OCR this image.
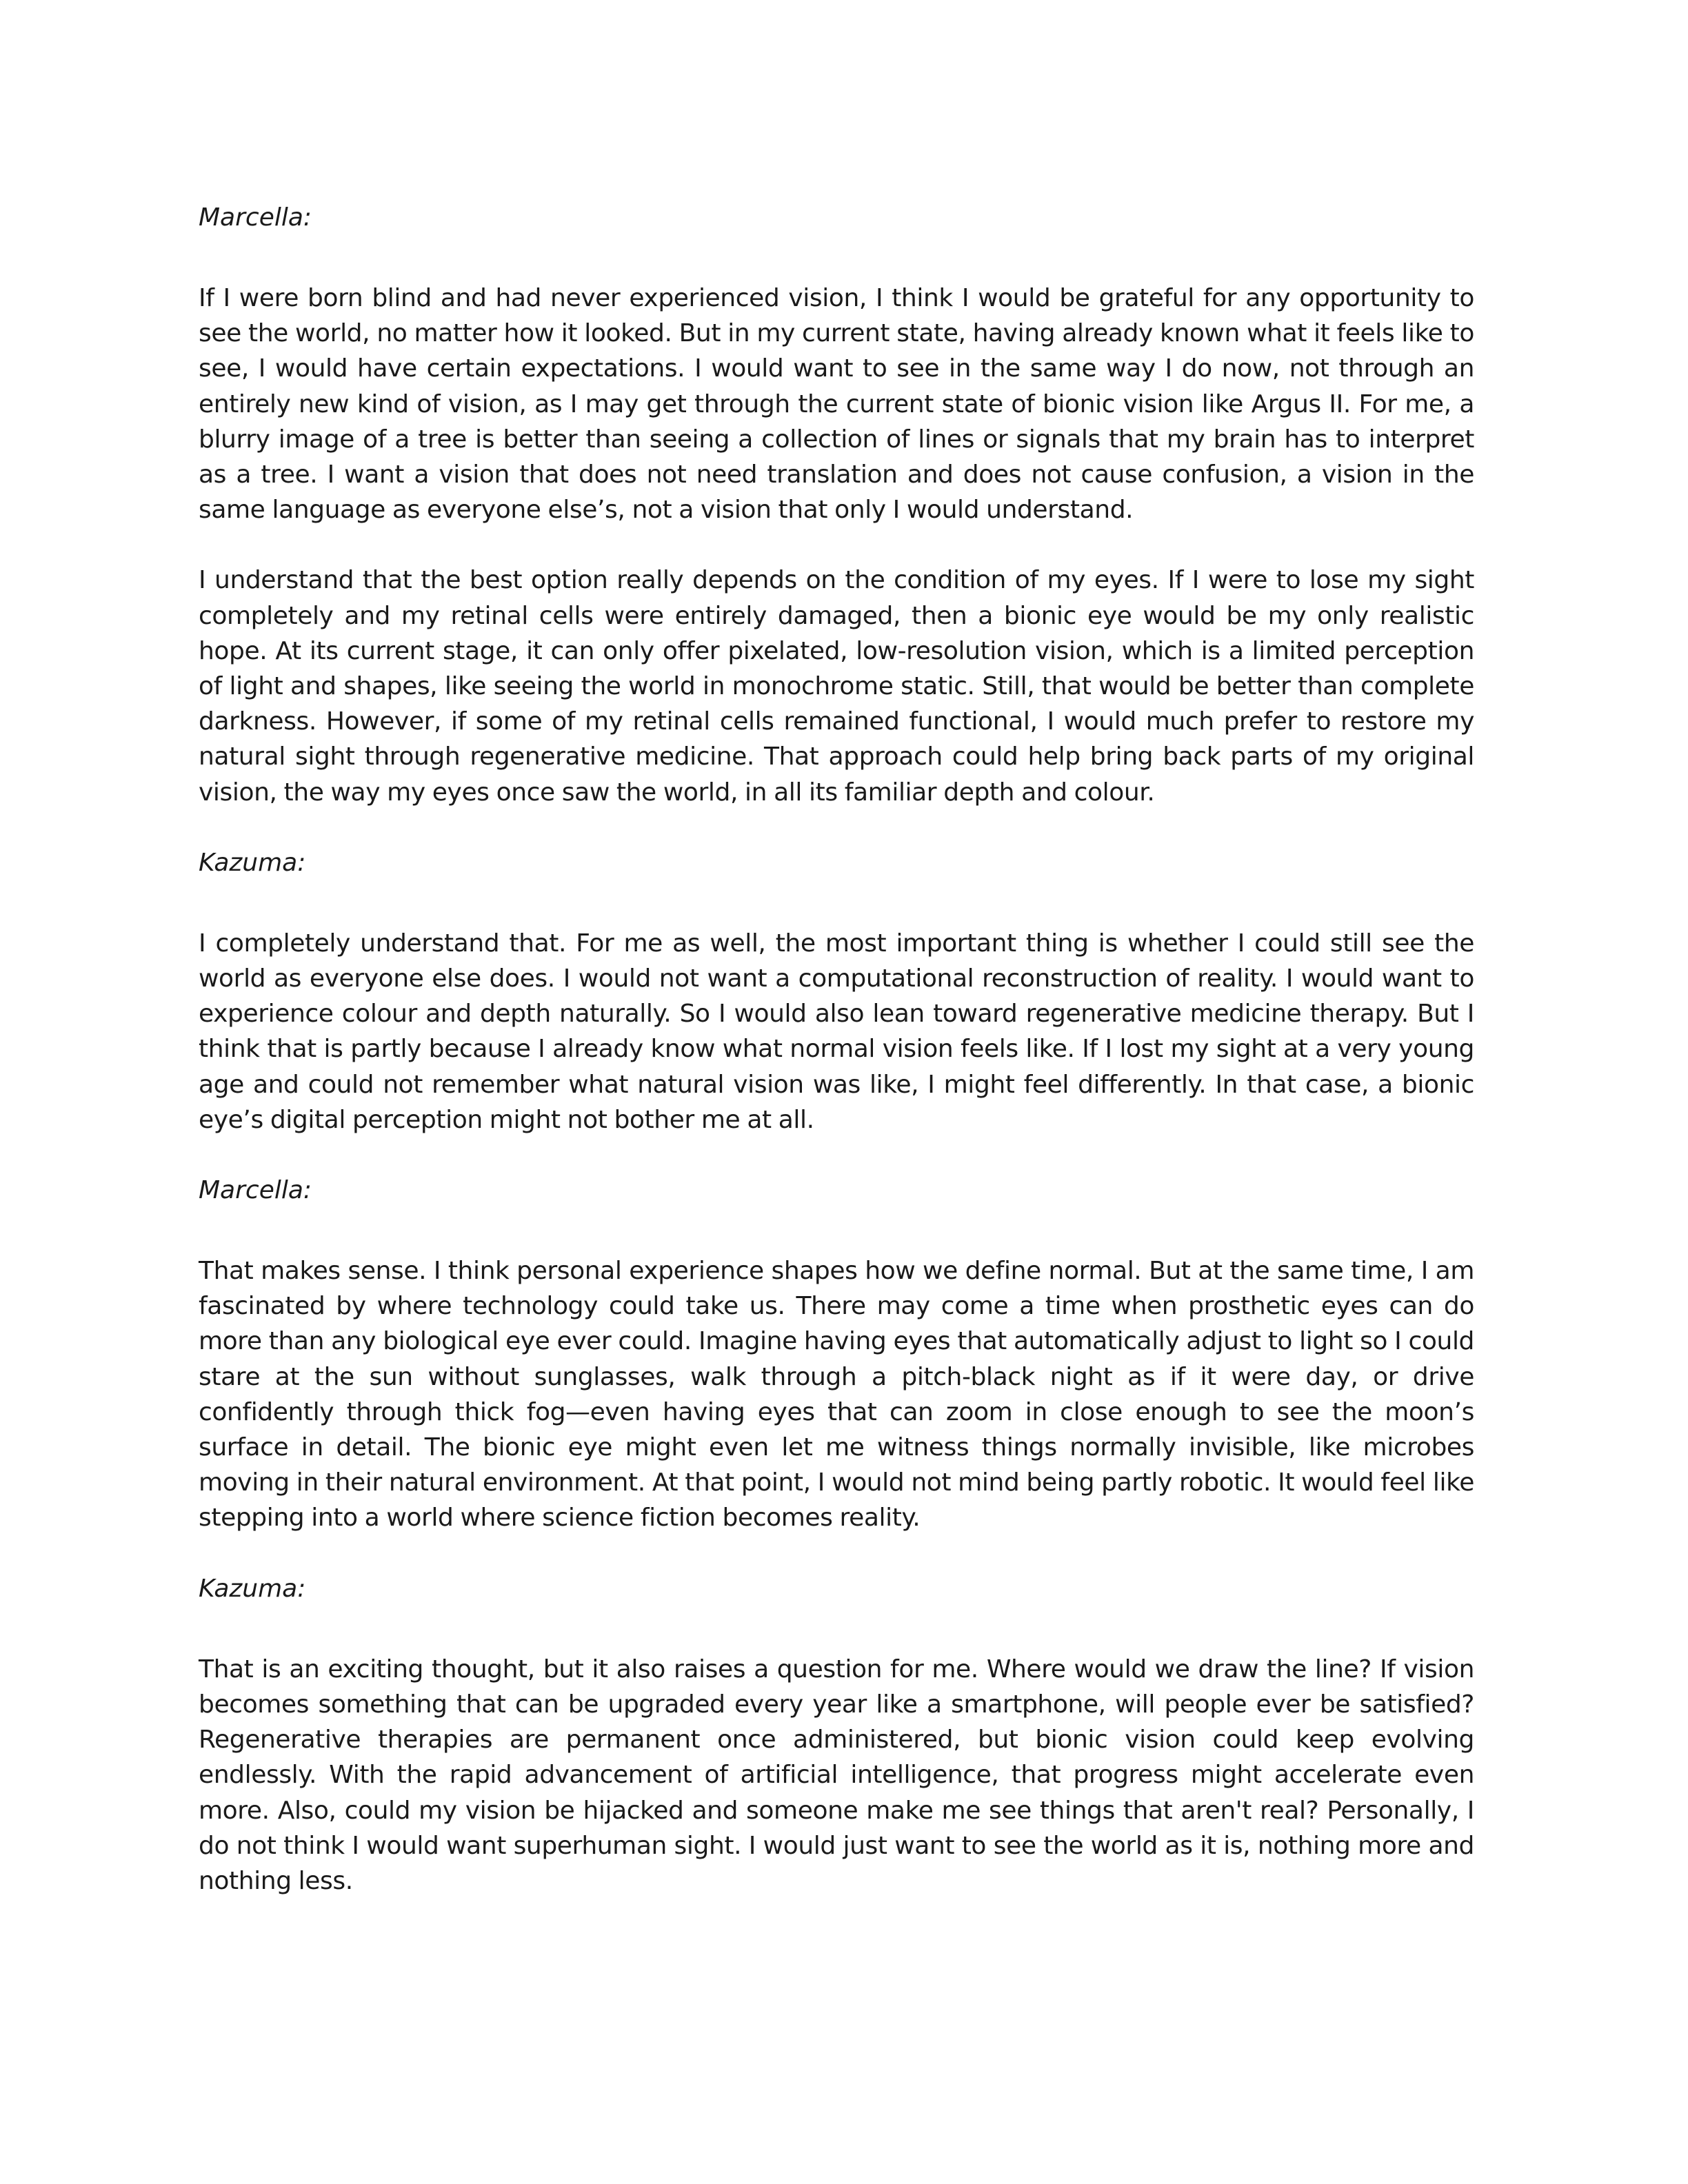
Marcella:

If I were born blind and had never experienced vision, I think I would be grateful for any opportunity to see the world, no matter how it looked. But in my current state, having already known what it feels like to see, I would have certain expectations. I would want to see in the same way I do now, not through an entirely new kind of vision, as I may get through the current state of bionic vision like Argus II. For me, a blurry image of a tree is better than seeing a collection of lines or signals that my brain has to interpret as a tree. I want a vision that does not need translation and does not cause confusion, a vision in the same language as everyone else’s, not a vision that only I would understand.

I understand that the best option really depends on the condition of my eyes. If I were to lose my sight completely and my retinal cells were entirely damaged, then a bionic eye would be my only realistic hope. At its current stage, it can only offer pixelated, low-resolution vision, which is a limited perception of light and shapes, like seeing the world in monochrome static. Still, that would be better than complete darkness. However, if some of my retinal cells remained functional, I would much prefer to restore my natural sight through regenerative medicine. That approach could help bring back parts of my original vision, the way my eyes once saw the world, in all its familiar depth and colour.

Kazuma:

I completely understand that. For me as well, the most important thing is whether I could still see the world as everyone else does. I would not want a computational reconstruction of reality. I would want to experience colour and depth naturally. So I would also lean toward regenerative medicine therapy. But I think that is partly because I already know what normal vision feels like. If I lost my sight at a very young age and could not remember what natural vision was like, I might feel differently. In that case, a bionic eye’s digital perception might not bother me at all.

Marcella:

That makes sense. I think personal experience shapes how we define normal. But at the same time, I am fascinated by where technology could take us. There may come a time when prosthetic eyes can do more than any biological eye ever could. Imagine having eyes that automatically adjust to light so I could stare at the sun without sunglasses, walk through a pitch-black night as if it were day, or drive confidently through thick fog—even having eyes that can zoom in close enough to see the moon’s surface in detail. The bionic eye might even let me witness things normally invisible, like microbes moving in their natural environment. At that point, I would not mind being partly robotic. It would feel like stepping into a world where science fiction becomes reality.

Kazuma:

That is an exciting thought, but it also raises a question for me. Where would we draw the line? If vision becomes something that can be upgraded every year like a smartphone, will people ever be satisfied? Regenerative therapies are permanent once administered, but bionic vision could keep evolving endlessly. With the rapid advancement of artificial intelligence, that progress might accelerate even more. Also, could my vision be hijacked and someone make me see things that aren't real? Personally, I do not think I would want superhuman sight. I would just want to see the world as it is, nothing more and nothing less.
